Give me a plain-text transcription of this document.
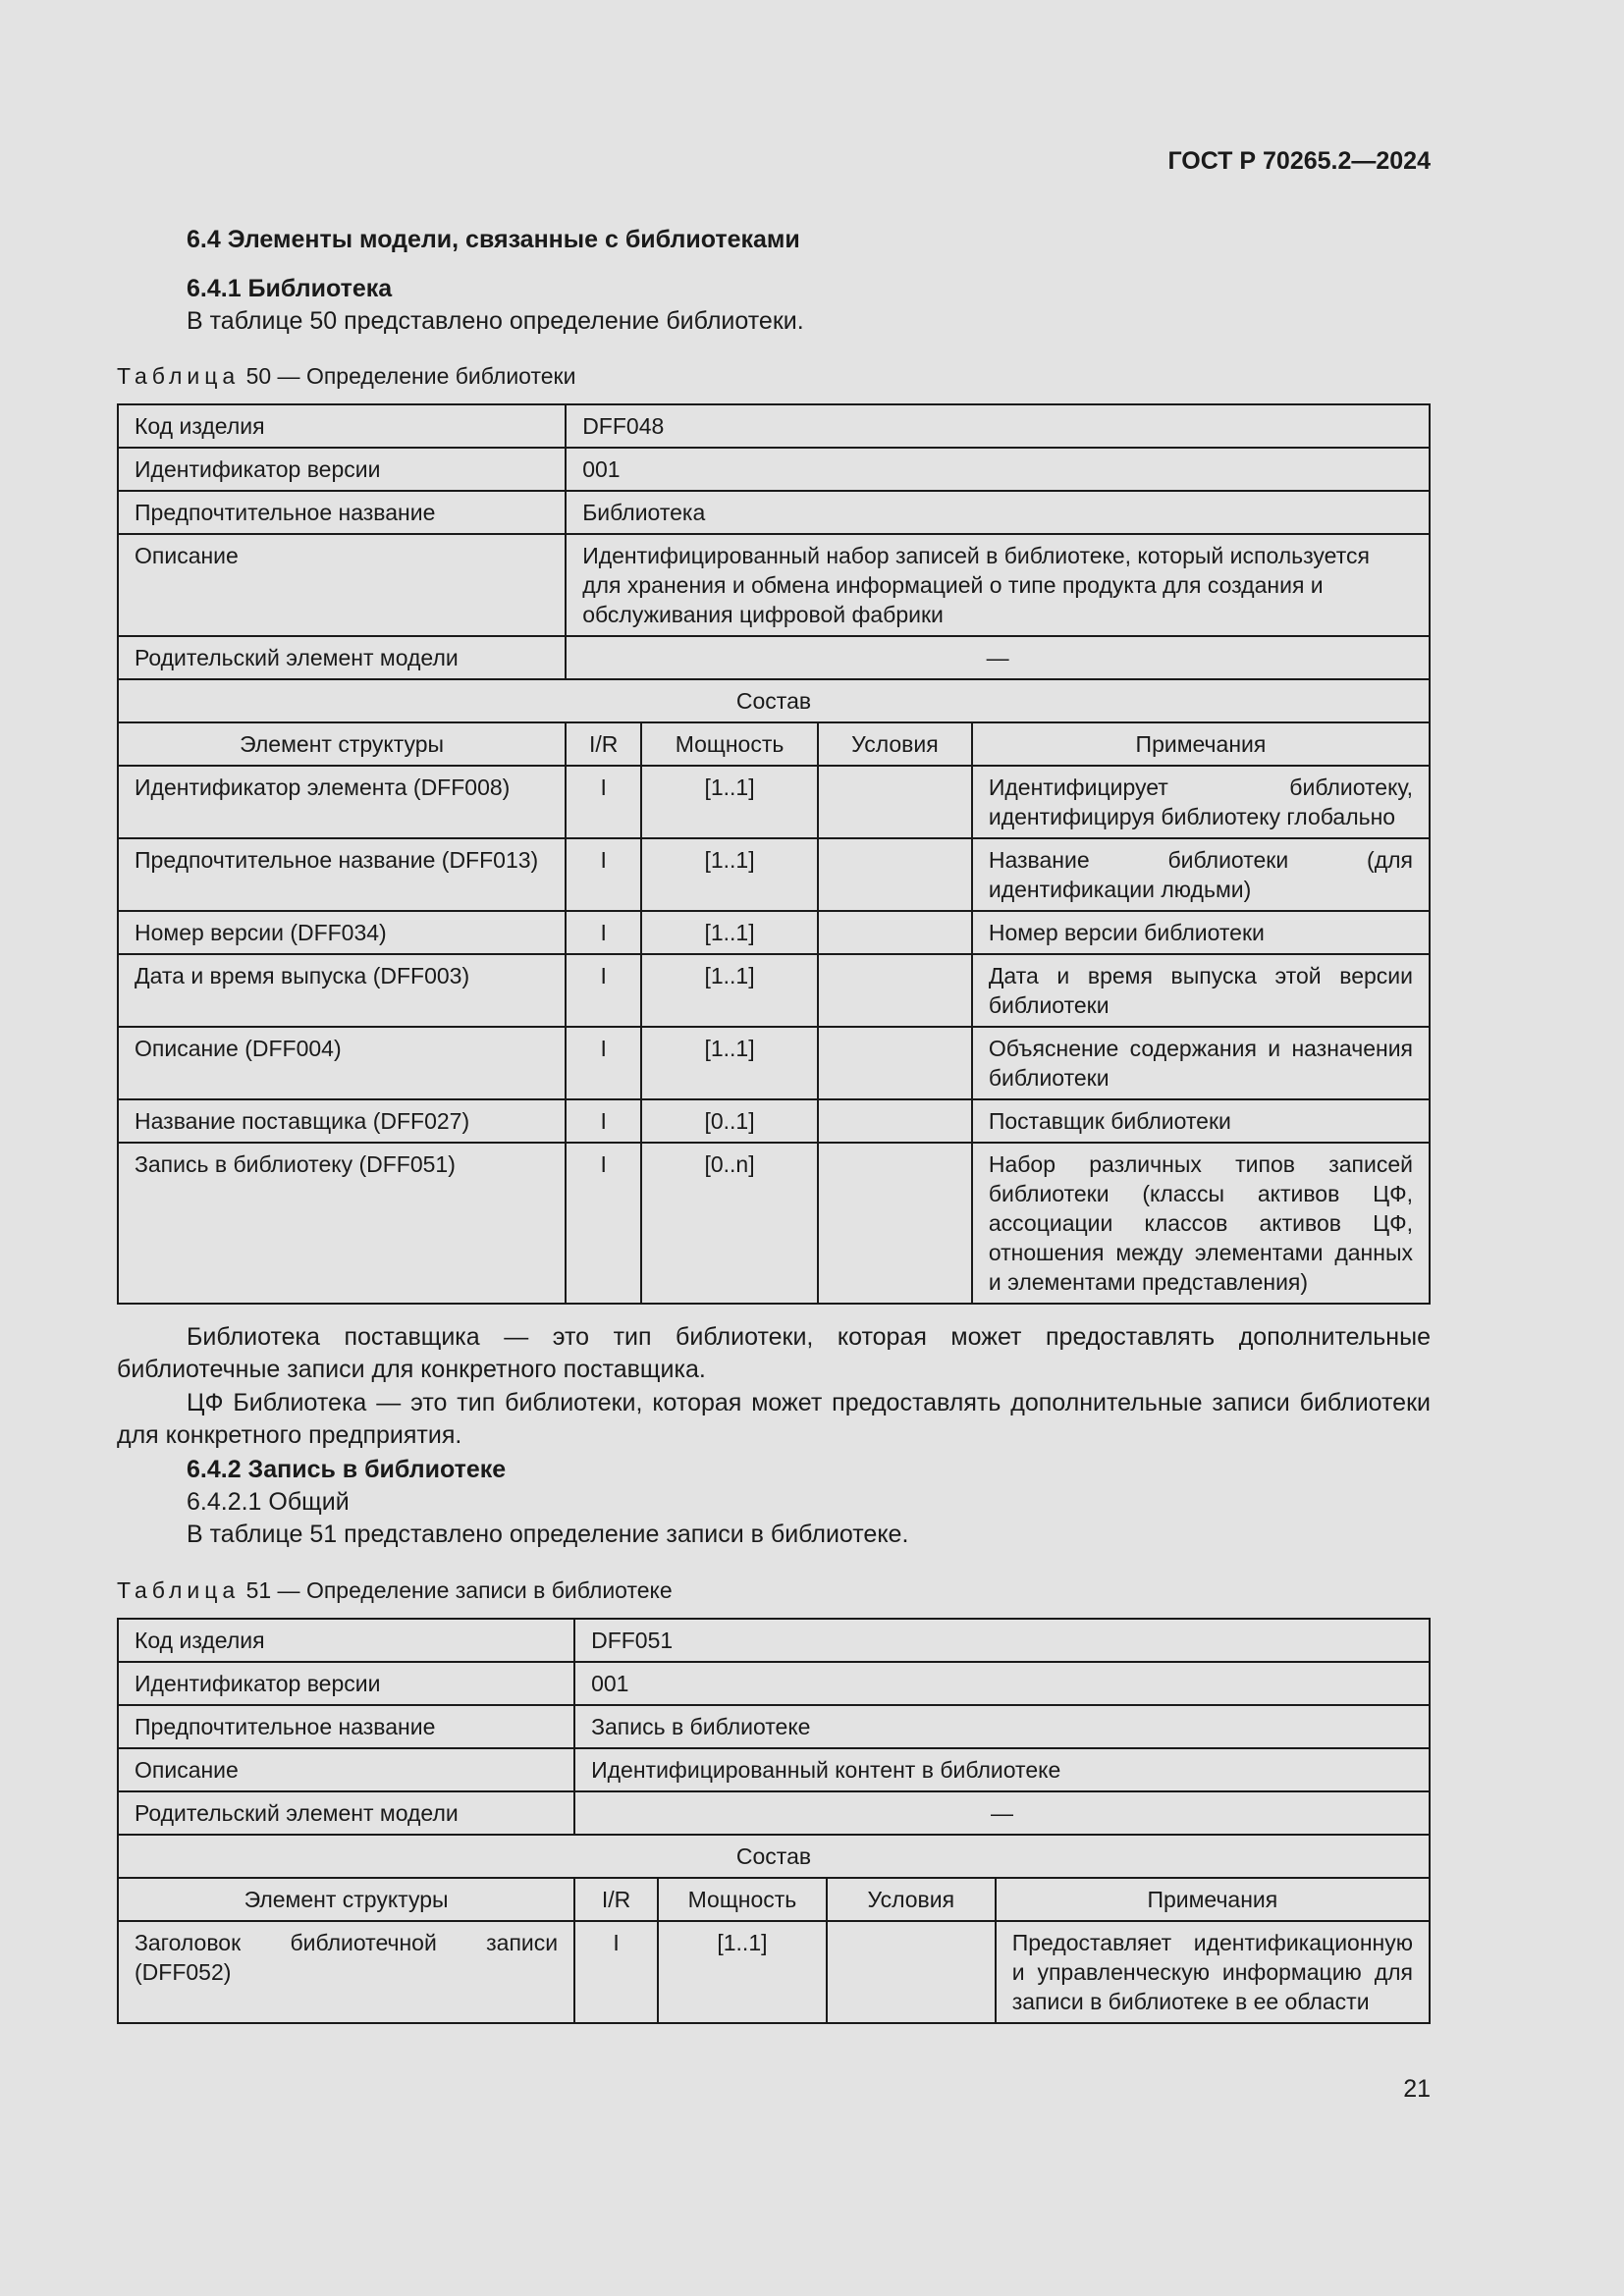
ГОСТ Р 70265.2—2024
6.4 Элементы модели, связанные с библиотеками
6.4.1 Библиотека
В таблице 50 представлено определение библиотеки.
Таблица 50 — Определение библиотеки
Код изделия	DFF048			
Идентификатор версии	001			
Предпочтительное название	Библиотека			
Описание	Идентифицированный набор записей в библиотеке, который используется для хранения и обмена информацией о типе продукта для создания и обслуживания цифровой фабрики			
Родительский элемент модели	—			
Состав				
Элемент структуры	I/R	Мощность	Условия	Примечания
Идентификатор элемента (DFF008)	I	[1..1]		Идентифицирует библиотеку, идентифицируя библиотеку глобально
Предпочтительное название (DFF013)	I	[1..1]		Название библиотеки (для идентификации людьми)
Номер версии (DFF034)	I	[1..1]		Номер версии библиотеки
Дата и время выпуска (DFF003)	I	[1..1]		Дата и время выпуска этой версии библиотеки
Описание (DFF004)	I	[1..1]		Объяснение содержания и назначения библиотеки
Название поставщика (DFF027)	I	[0..1]		Поставщик библиотеки
Запись в библиотеку (DFF051)	I	[0..n]		Набор различных типов записей библиотеки (классы активов ЦФ, ассоциации классов активов ЦФ, отношения между элементами данных и элементами представления)
Библиотека поставщика — это тип библиотеки, которая может предоставлять дополнительные библиотечные записи для конкретного поставщика.
ЦФ Библиотека — это тип библиотеки, которая может предоставлять дополнительные записи библиотеки для конкретного предприятия.
6.4.2 Запись в библиотеке
6.4.2.1 Общий
В таблице 51 представлено определение записи в библиотеке.
Таблица 51 — Определение записи в библиотеке
Код изделия	DFF051			
Идентификатор версии	001			
Предпочтительное название	Запись в библиотеке			
Описание	Идентифицированный контент в библиотеке			
Родительский элемент модели	—			
Состав				
Элемент структуры	I/R	Мощность	Условия	Примечания
Заголовок библиотечной записи (DFF052)	I	[1..1]		Предоставляет идентификационную и управленческую информацию для записи в библиотеке в ее области
21
